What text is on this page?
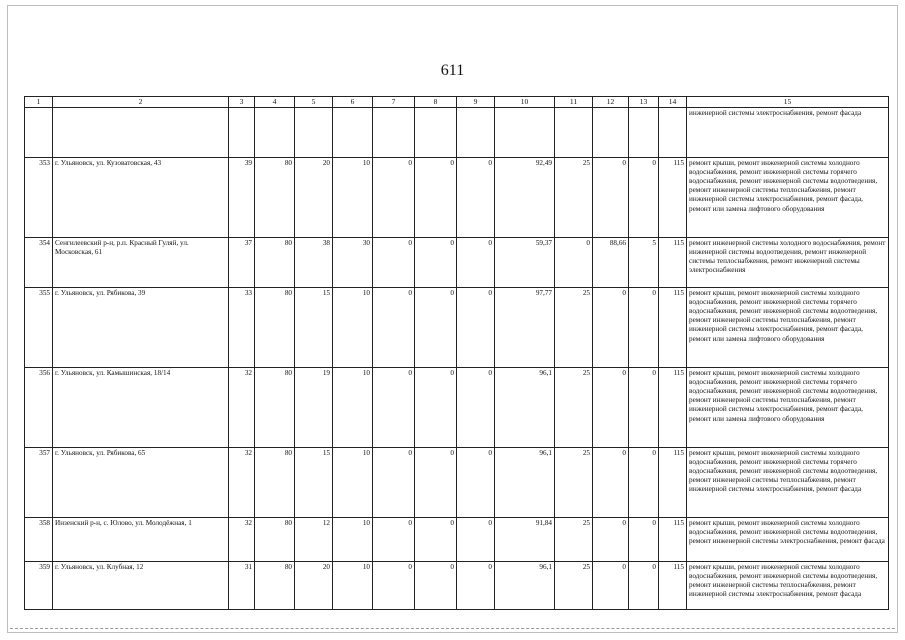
611
1	2	3	4	5	6	7	8	9	10	11	12	13	14	15
														инженерной системы электроснабжения, ремонт фасада
353	г. Ульяновск, ул. Кузоватовская, 43	39	80	20	10	0	0	0	92,49	25	0	0	115	ремонт крыши, ремонт инженерной системы холодного водоснабжения, ремонт инженерной системы горячего водоснабжения, ремонт инженерной системы водоотведения, ремонт инженерной системы теплоснабжения, ремонт инженерной системы электроснабжения, ремонт фасада, ремонт или замена лифтового оборудования
354	Сенгилеевский р-н, р.п. Красный Гуляй, ул. Московская, 61	37	80	38	30	0	0	0	59,37	0	88,66	5	115	ремонт инженерной системы холодного водоснабжения, ремонт инженерной системы водоотведения, ремонт инженерной системы теплоснабжения, ремонт инженерной системы электроснабжения
355	г. Ульяновск, ул. Рябикова, 39	33	80	15	10	0	0	0	97,77	25	0	0	115	ремонт крыши, ремонт инженерной системы холодного водоснабжения, ремонт инженерной системы горячего водоснабжения, ремонт инженерной системы водоотведения, ремонт инженерной системы теплоснабжения, ремонт инженерной системы электроснабжения, ремонт фасада, ремонт или замена лифтового оборудования
356	г. Ульяновск, ул. Камышинская, 18/14	32	80	19	10	0	0	0	96,1	25	0	0	115	ремонт крыши, ремонт инженерной системы холодного водоснабжения, ремонт инженерной системы горячего водоснабжения, ремонт инженерной системы водоотведения, ремонт инженерной системы теплоснабжения, ремонт инженерной системы электроснабжения, ремонт фасада, ремонт или замена лифтового оборудования
357	г. Ульяновск, ул. Рябикова, 65	32	80	15	10	0	0	0	96,1	25	0	0	115	ремонт крыши, ремонт инженерной системы холодного водоснабжения, ремонт инженерной системы горячего водоснабжения, ремонт инженерной системы водоотведения, ремонт инженерной системы теплоснабжения, ремонт инженерной системы электроснабжения, ремонт фасада
358	Инзенский р-н, с. Юлово, ул. Молодёжная, 1	32	80	12	10	0	0	0	91,84	25	0	0	115	ремонт крыши, ремонт инженерной системы холодного водоснабжения, ремонт инженерной системы водоотведения, ремонт инженерной системы электроснабжения, ремонт фасада
359	г. Ульяновск, ул. Клубная, 12	31	80	20	10	0	0	0	96,1	25	0	0	115	ремонт крыши, ремонт инженерной системы холодного водоснабжения, ремонт инженерной системы водоотведения, ремонт инженерной системы теплоснабжения, ремонт инженерной системы электроснабжения, ремонт фасада
